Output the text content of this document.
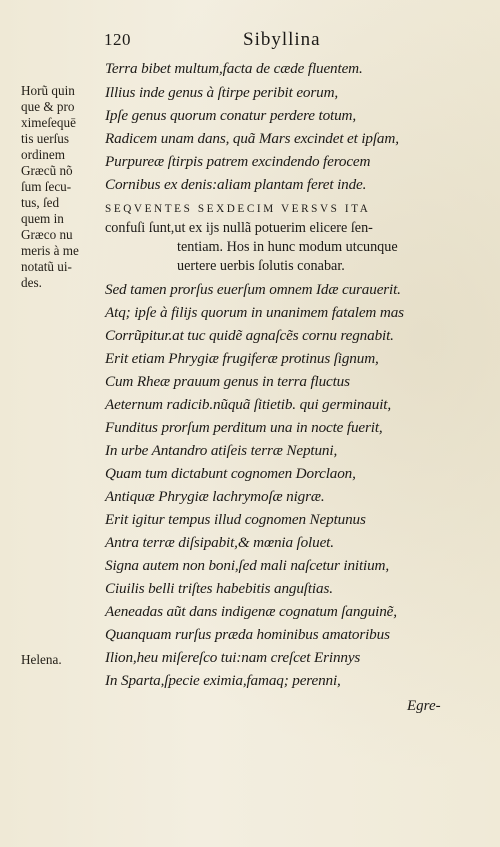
120	Sibyllina
Horũ quin
que & pro
ximeſequē
tis uerſus
ordinem
Græcũ nõ
ſum ſecu-
tus, ſed
quem in
Græco nu
meris à me
notatũ ui-
des.
Helena.
Terra bibet multum,facta de cæde fluentem.
Illius inde genus à ſtirpe peribit eorum,
Ipſe genus quorum conatur perdere totum,
Radicem unam dans, quã Mars excindet et ipſam,
Purpureæ ſtirpis patrem excindendo ferocem
Cornibus ex denis:aliam plantam feret inde.
SEQVENTES SEXDECIM VERSVS ITA
confuſi ſunt,ut ex ijs nullã potuerim elicere ſen-
tentiam. Hos in hunc modum utcunque
uertere uerbis ſolutis conabar.
Sed tamen prorſus euerſum omnem Idæ curauerit.
Atq; ipſe à filijs quorum in unanimem fatalem mas
Corrũpitur.at tuc quidẽ agnaſcẽs cornu regnabit.
Erit etiam Phrygiæ frugiferæ protinus ſignum,
Cum Rheæ prauum genus in terra fluctus
Aeternum radicib.nũquã ſitietib. qui germinauit,
Funditus prorſum perditum una in nocte fuerit,
In urbe Antandro atiſeis terræ Neptuni,
Quam tum dictabunt cognomen Dorclaon,
Antiquæ Phrygiæ lachrymoſæ nigræ.
Erit igitur tempus illud cognomen Neptunus
Antra terræ diſsipabit,& mœnia ſoluet.
Signa autem non boni,ſed mali naſcetur initium,
Ciuilis belli triſtes habebitis anguſtias.
Aeneadas aũt dans indigenæ cognatum ſanguinẽ,
Quanquam rurſus præda hominibus amatoribus
Ilion,heu miſereſco tui:nam creſcet Erinnys
In Sparta,ſpecie eximia,famaq; perenni,
Egre-
